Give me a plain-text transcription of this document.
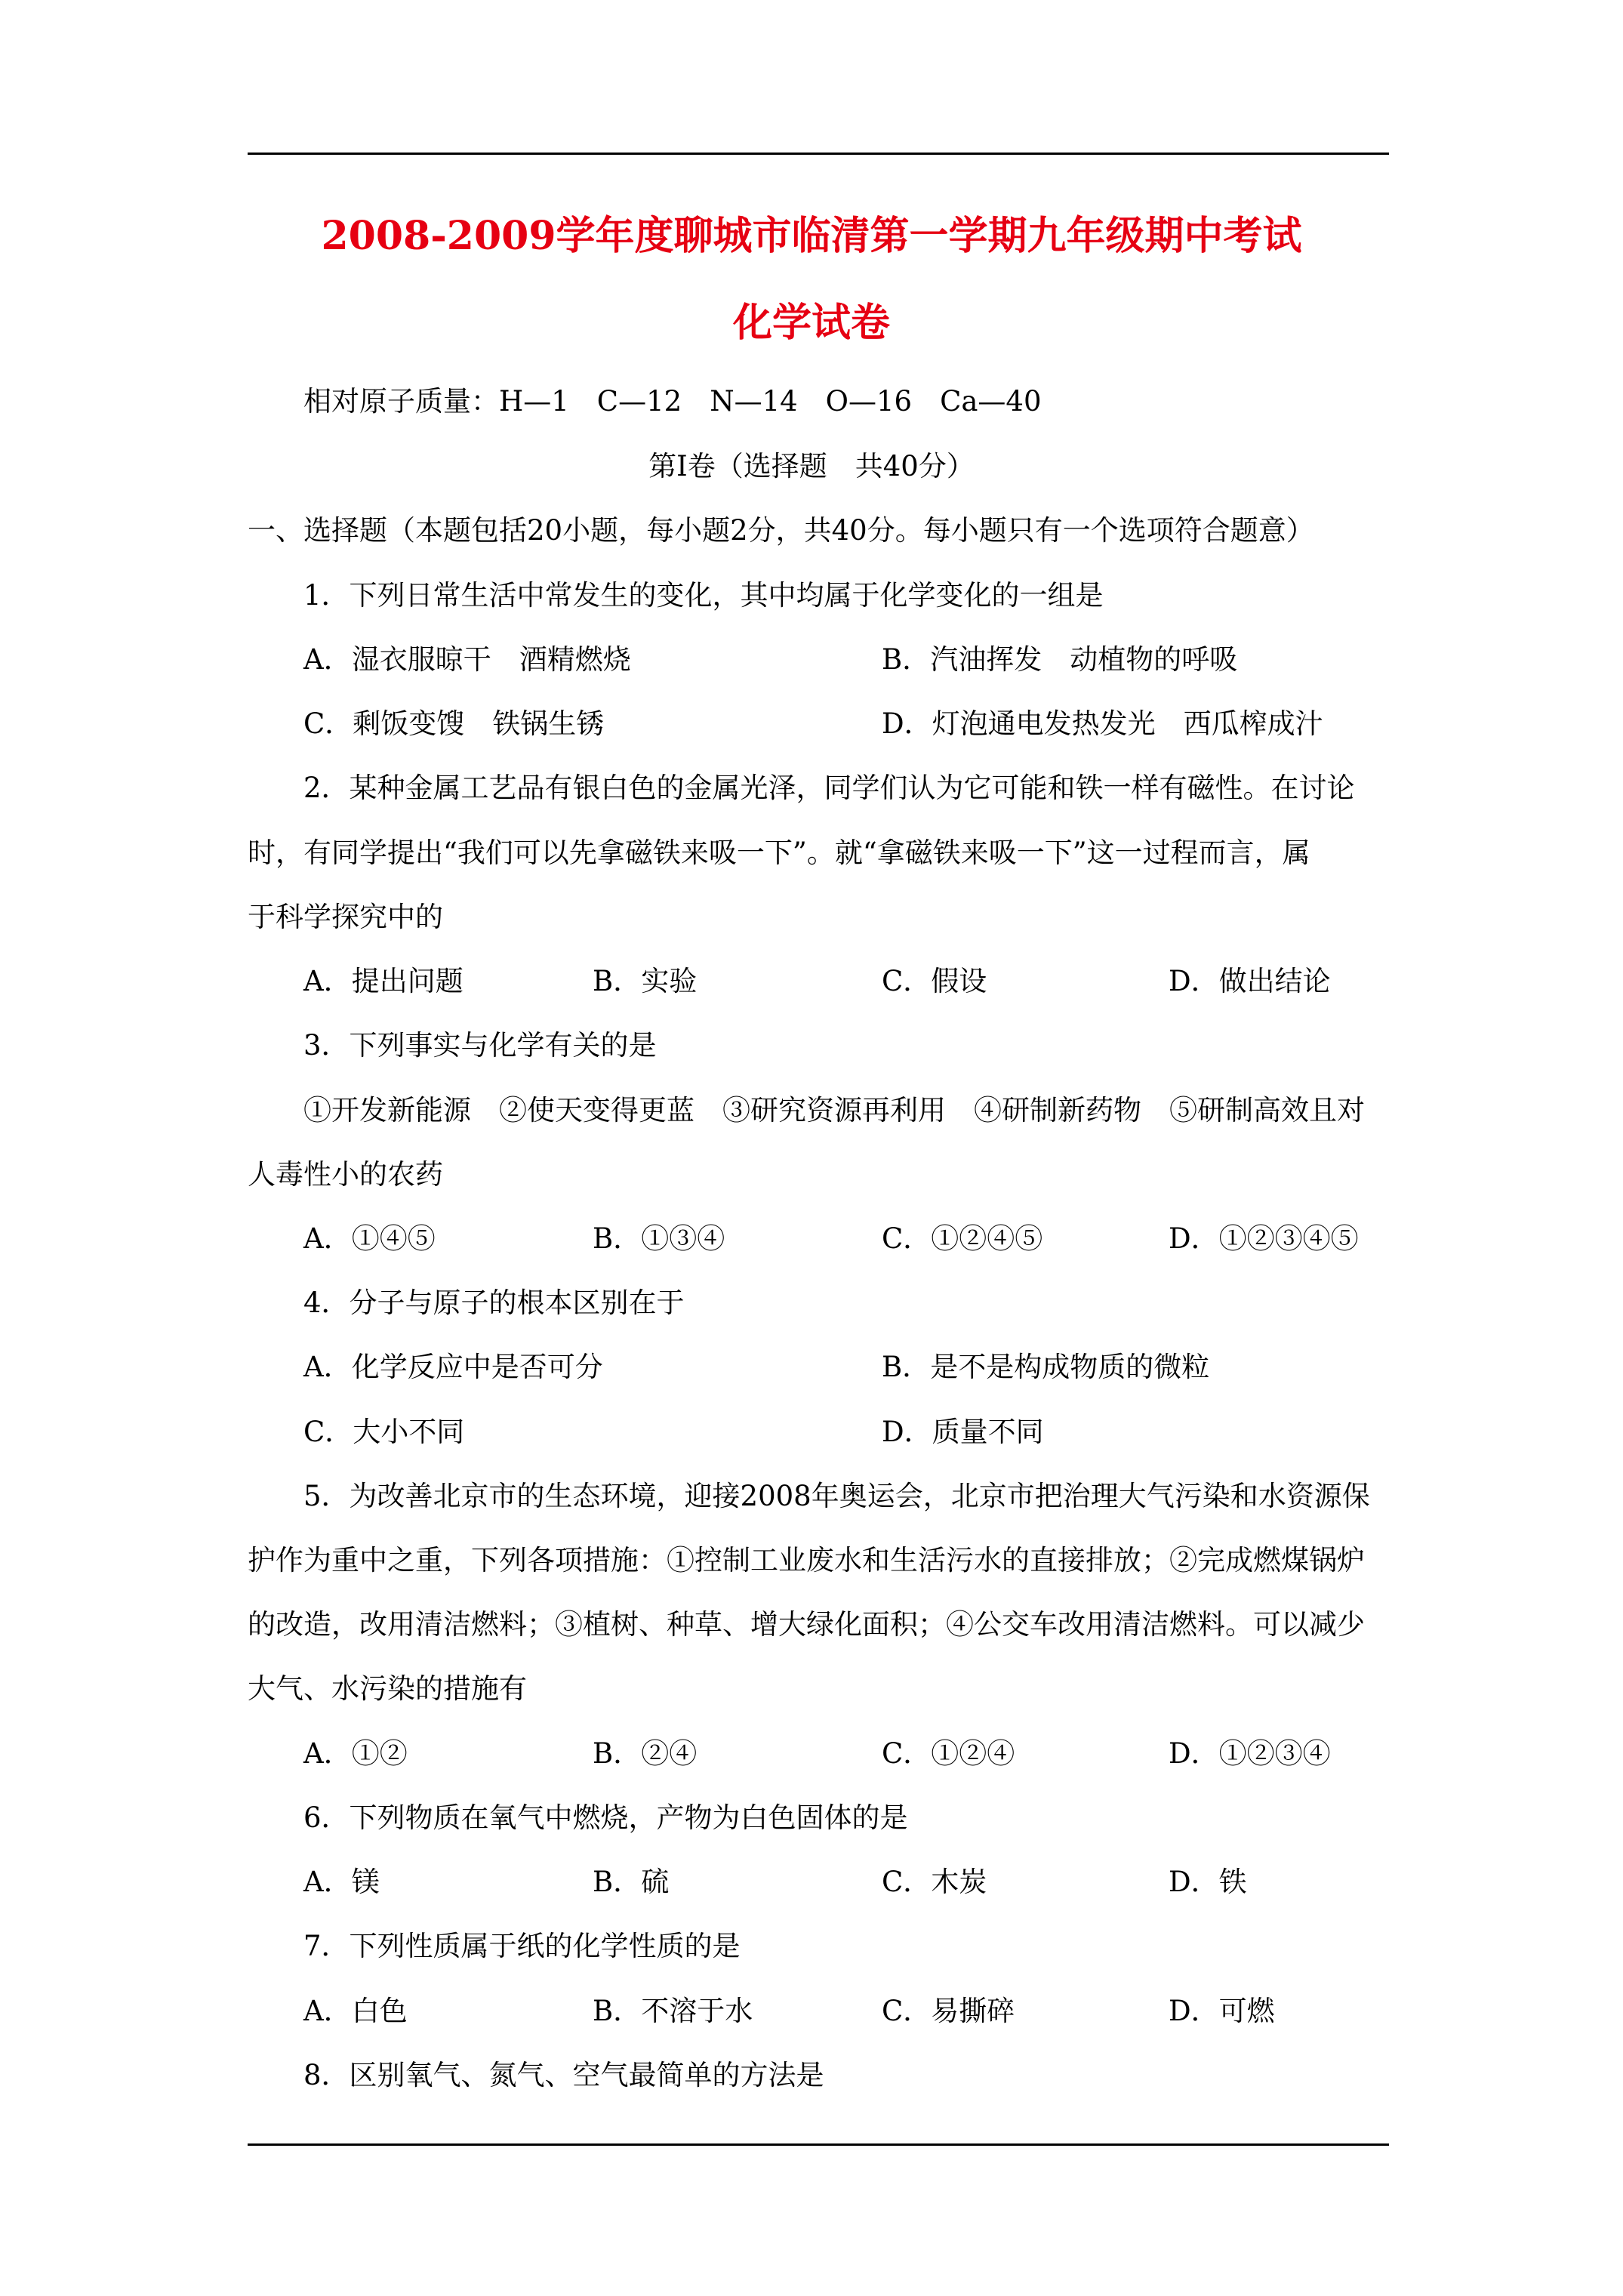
2008-2009学年度聊城市临清第一学期九年级期中考试
化学试卷
相对原子质量：H—1　C—12　N—14　O—16　Ca—40
第Ⅰ卷（选择题　共40分）
一、选择题（本题包括20小题，每小题2分，共40分。每小题只有一个选项符合题意）
1．下列日常生活中常发生的变化，其中均属于化学变化的一组是
A．湿衣服晾干　酒精燃烧	B．汽油挥发　动植物的呼吸
C．剩饭变馊　铁锅生锈	D．灯泡通电发热发光　西瓜榨成汁
2．某种金属工艺品有银白色的金属光泽，同学们认为它可能和铁一样有磁性。在讨论
时，有同学提出“我们可以先拿磁铁来吸一下”。就“拿磁铁来吸一下”这一过程而言，属
于科学探究中的
A．提出问题	B．实验	C．假设	D．做出结论
3．下列事实与化学有关的是
①开发新能源　②使天变得更蓝　③研究资源再利用　④研制新药物　⑤研制高效且对
人毒性小的农药
A．①④⑤	B．①③④	C．①②④⑤	D．①②③④⑤
4．分子与原子的根本区别在于
A．化学反应中是否可分	B．是不是构成物质的微粒
C．大小不同	D．质量不同
5．为改善北京市的生态环境，迎接2008年奥运会，北京市把治理大气污染和水资源保
护作为重中之重，下列各项措施：①控制工业废水和生活污水的直接排放；②完成燃煤锅炉
的改造，改用清洁燃料；③植树、种草、增大绿化面积；④公交车改用清洁燃料。可以减少
大气、水污染的措施有
A．①②	B．②④	C．①②④	D．①②③④
6．下列物质在氧气中燃烧，产物为白色固体的是
A．镁	B．硫	C．木炭	D．铁
7．下列性质属于纸的化学性质的是
A．白色	B．不溶于水	C．易撕碎	D．可燃
8．区别氧气、氮气、空气最简单的方法是
